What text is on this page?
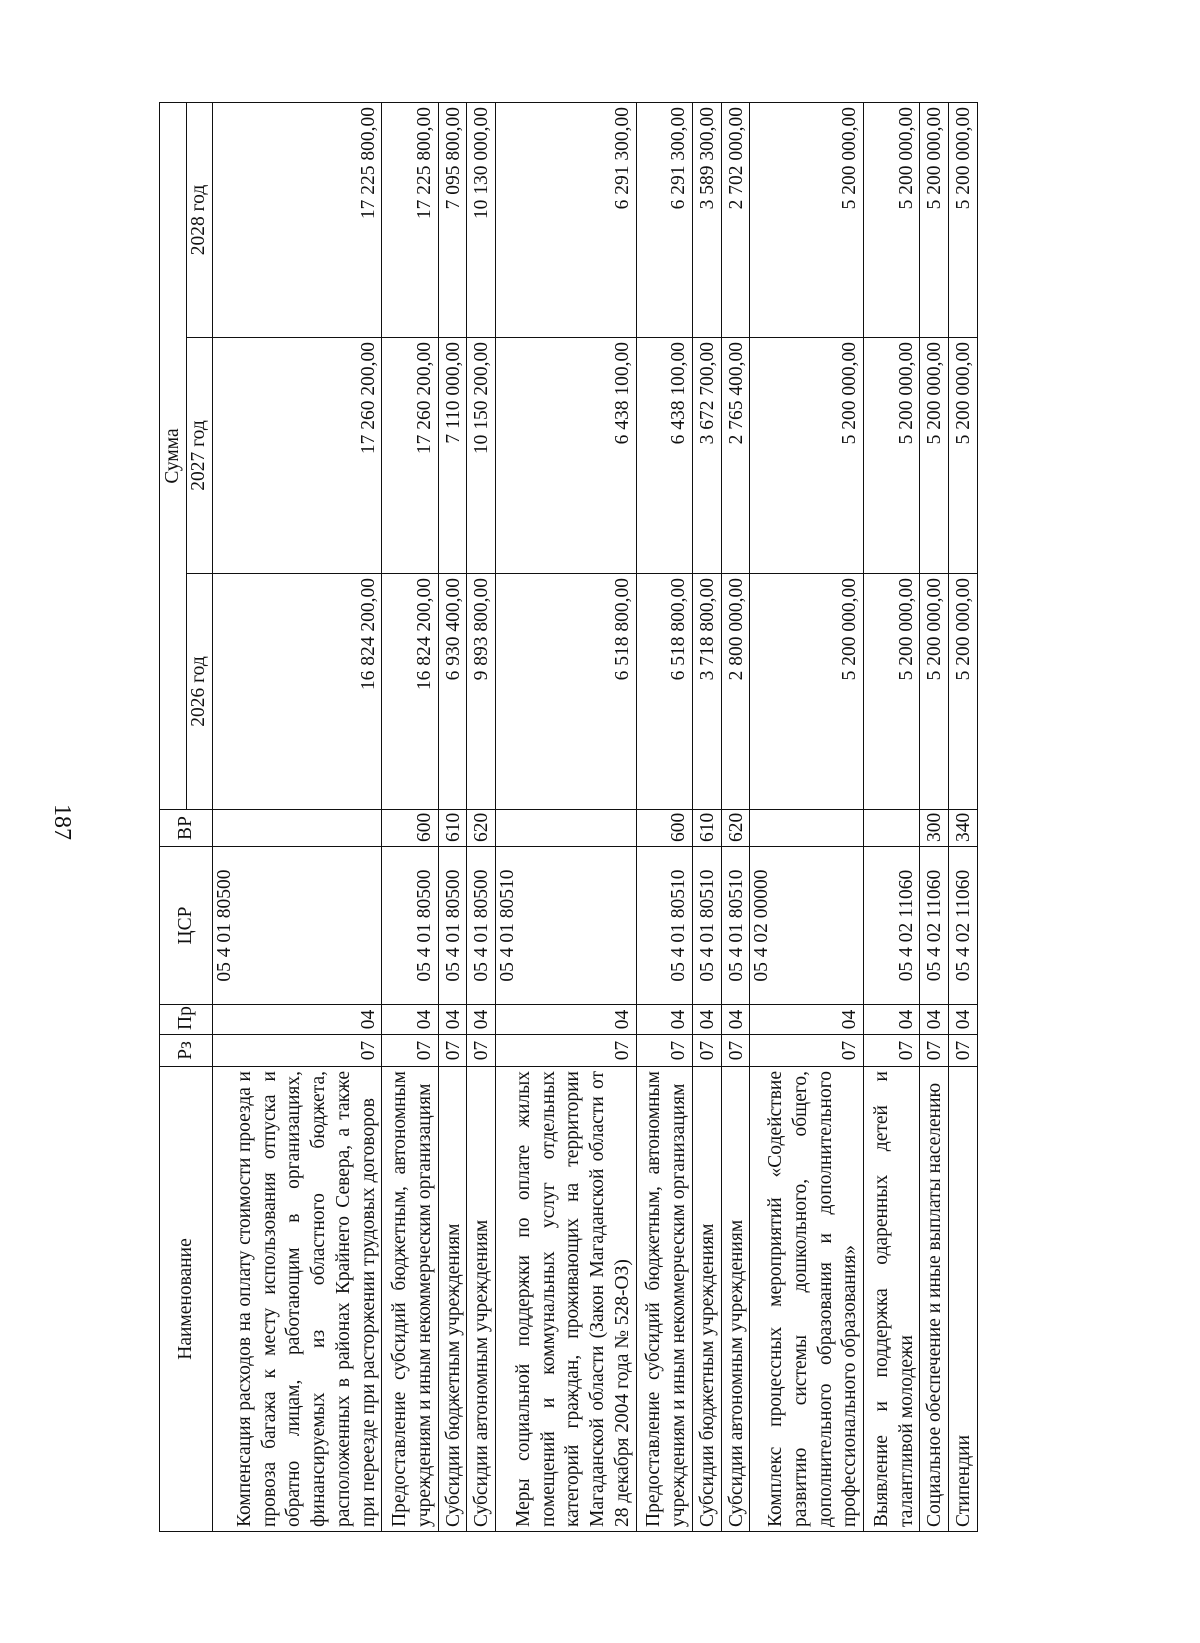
187
Наименование	Рз	Пр	ЦСР	ВР	Сумма		
					2026 год	2027 год	2028 год
Компенсация расходов на оплату стоимости проезда и провоза багажа к месту использования отпуска и обратно лицам, работающим в организациях, финансируемых из областного бюджета, расположенных в районах Крайнего Севера, а также при переезде при расторжении трудовых договоров	07	04	05 4 01 80500		16 824 200,00	17 260 200,00	17 225 800,00
Предоставление субсидий бюджетным, автономным учреждениям и иным некоммерческим организациям	07	04	05 4 01 80500	600	16 824 200,00	17 260 200,00	17 225 800,00
Субсидии бюджетным учреждениям	07	04	05 4 01 80500	610	6 930 400,00	7 110 000,00	7 095 800,00
Субсидии автономным учреждениям	07	04	05 4 01 80500	620	9 893 800,00	10 150 200,00	10 130 000,00
Меры социальной поддержки по оплате жилых помещений и коммунальных услуг отдельных категорий граждан, проживающих на территории Магаданской области (Закон Магаданской области от 28 декабря 2004 года № 528-ОЗ)	07	04	05 4 01 80510		6 518 800,00	6 438 100,00	6 291 300,00
Предоставление субсидий бюджетным, автономным учреждениям и иным некоммерческим организациям	07	04	05 4 01 80510	600	6 518 800,00	6 438 100,00	6 291 300,00
Субсидии бюджетным учреждениям	07	04	05 4 01 80510	610	3 718 800,00	3 672 700,00	3 589 300,00
Субсидии автономным учреждениям	07	04	05 4 01 80510	620	2 800 000,00	2 765 400,00	2 702 000,00
Комплекс процессных мероприятий «Содействие развитию системы дошкольного, общего, дополнительного образования и дополнительного профессионального образования»	07	04	05 4 02 00000		5 200 000,00	5 200 000,00	5 200 000,00
Выявление и поддержка одаренных детей и талантливой молодежи	07	04	05 4 02 11060		5 200 000,00	5 200 000,00	5 200 000,00
Социальное обеспечение и иные выплаты населению	07	04	05 4 02 11060	300	5 200 000,00	5 200 000,00	5 200 000,00
Стипендии	07	04	05 4 02 11060	340	5 200 000,00	5 200 000,00	5 200 000,00
